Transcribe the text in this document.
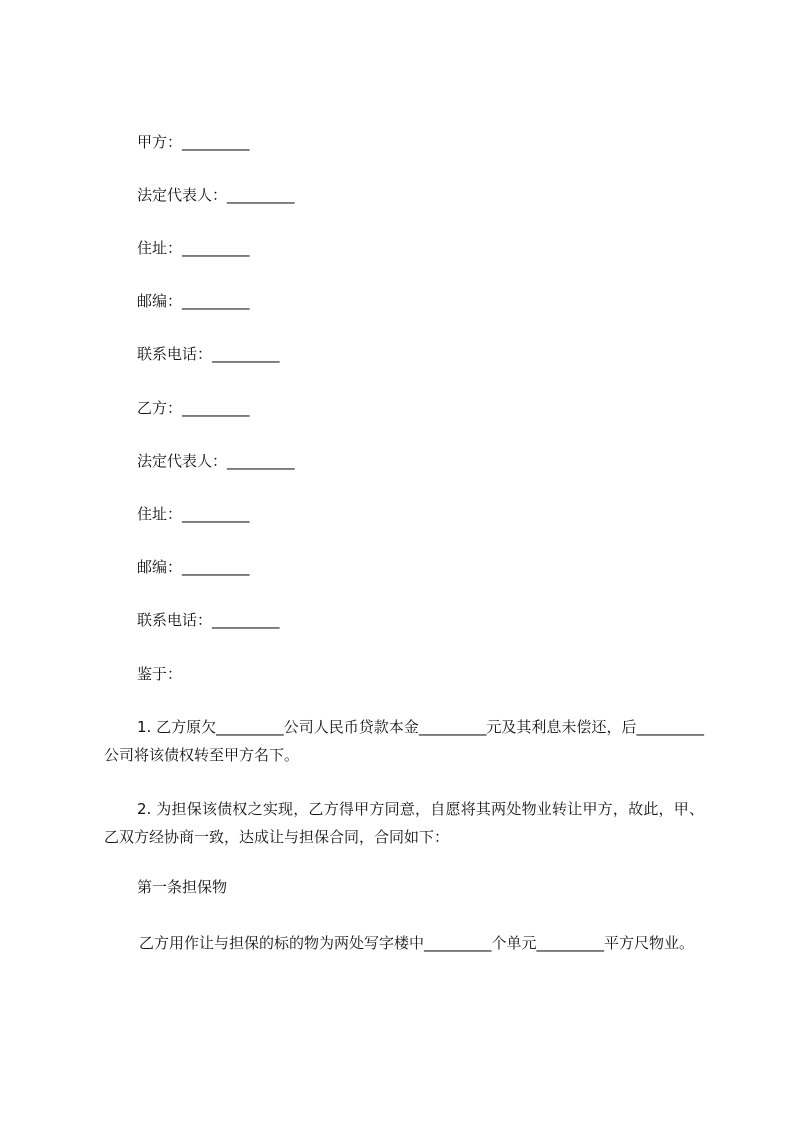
甲方：_________
法定代表人：_________
住址：_________
邮编：_________
联系电话：_________
乙方：_________
法定代表人：_________
住址：_________
邮编：_________
联系电话：_________
鉴于：
1. 乙方原欠_________公司人民币贷款本金_________元及其利息未偿还，后_________公司将该债权转至甲方名下。
2. 为担保该债权之实现，乙方得甲方同意，自愿将其两处物业转让甲方，故此，甲、乙双方经协商一致，达成让与担保合同，合同如下：
第一条担保物
乙方用作让与担保的标的物为两处写字楼中_________个单元_________平方尺物业。
